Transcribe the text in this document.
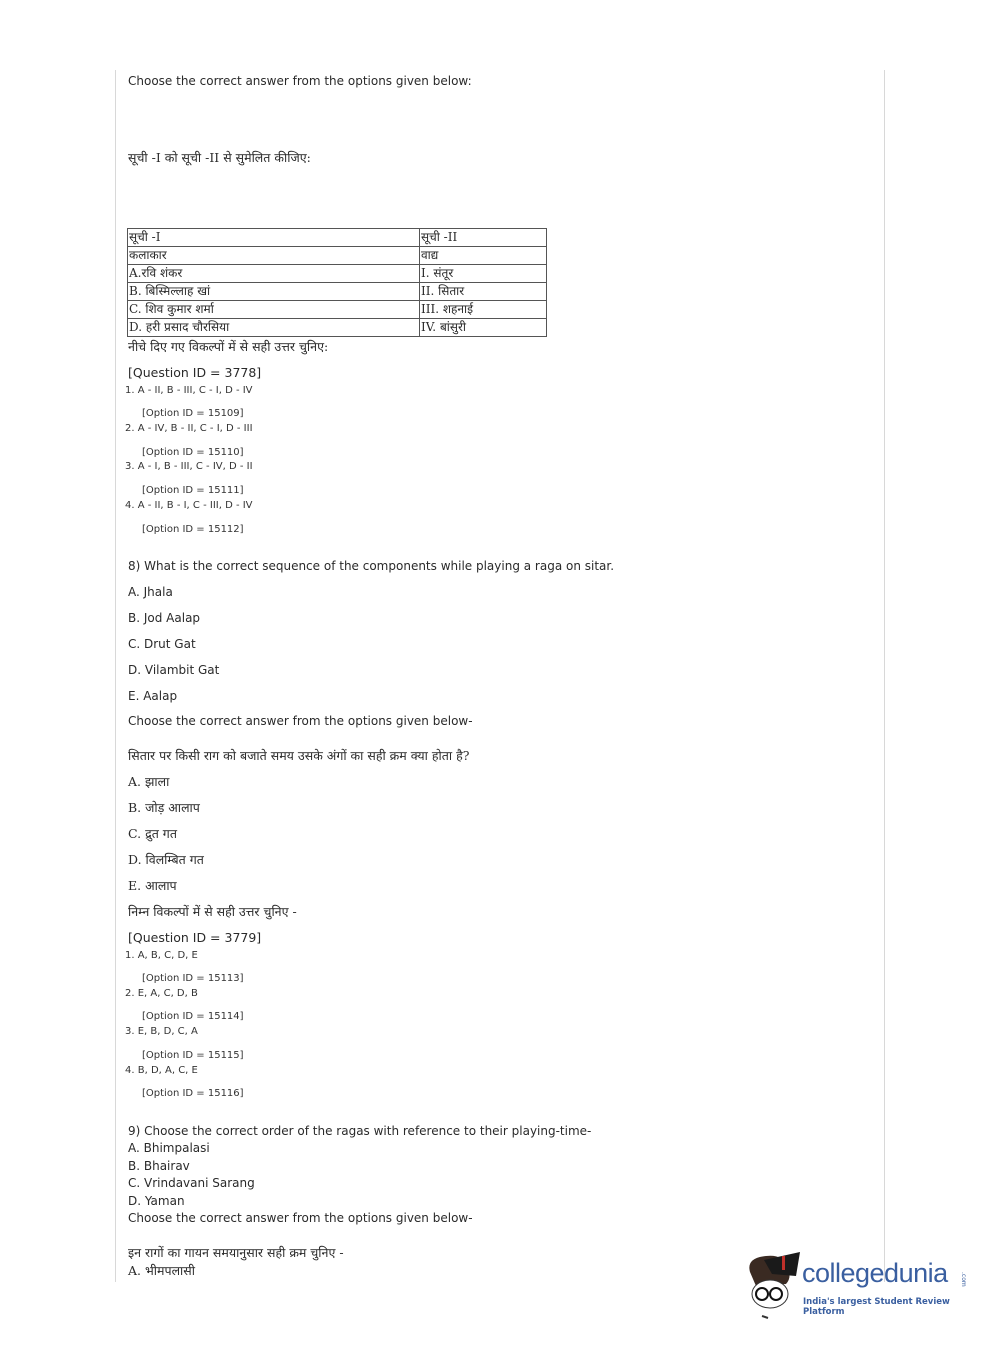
Choose the correct answer from the options given below:
सूची -I को सूची -II से सुमेलित कीजिए:
सूची -I	सूची -II
कलाकार	वाद्य
A.रवि शंकर	I. संतूर
B. बिस्मिल्लाह खां	II. सितार
C. शिव कुमार शर्मा	III. शहनाई
D. हरी प्रसाद चौरसिया	IV. बांसुरी
नीचे दिए गए विकल्पों में से सही उत्तर चुनिए:
[Question ID = 3778]
1. A - II, B - III, C - I, D - IV
[Option ID = 15109]
2. A - IV, B - II, C - I, D - III
[Option ID = 15110]
3. A - I, B - III, C - IV, D - II
[Option ID = 15111]
4. A - II, B - I, C - III, D - IV
[Option ID = 15112]
8) What is the correct sequence of the components while playing a raga on sitar.
A. Jhala
B. Jod Aalap
C. Drut Gat
D. Vilambit Gat
E. Aalap
Choose the correct answer from the options given below-
सितार पर किसी राग को बजाते समय उसके अंगों का सही क्रम क्या होता है?
A. झाला
B. जोड़ आलाप
C. द्रुत गत
D. विलम्बित गत
E. आलाप
निम्न विकल्पों में से सही उत्तर चुनिए -
[Question ID = 3779]
1. A, B, C, D, E
[Option ID = 15113]
2. E, A, C, D, B
[Option ID = 15114]
3. E, B, D, C, A
[Option ID = 15115]
4. B, D, A, C, E
[Option ID = 15116]
9) Choose the correct order of the ragas with reference to their playing-time-
A. Bhimpalasi
B. Bhairav
C. Vrindavani Sarang
D. Yaman
Choose the correct answer from the options given below-
इन रागों का गायन समयानुसार सही क्रम चुनिए -
A. भीमपलासी	collegedunia .com
India's largest Student Review Platform
